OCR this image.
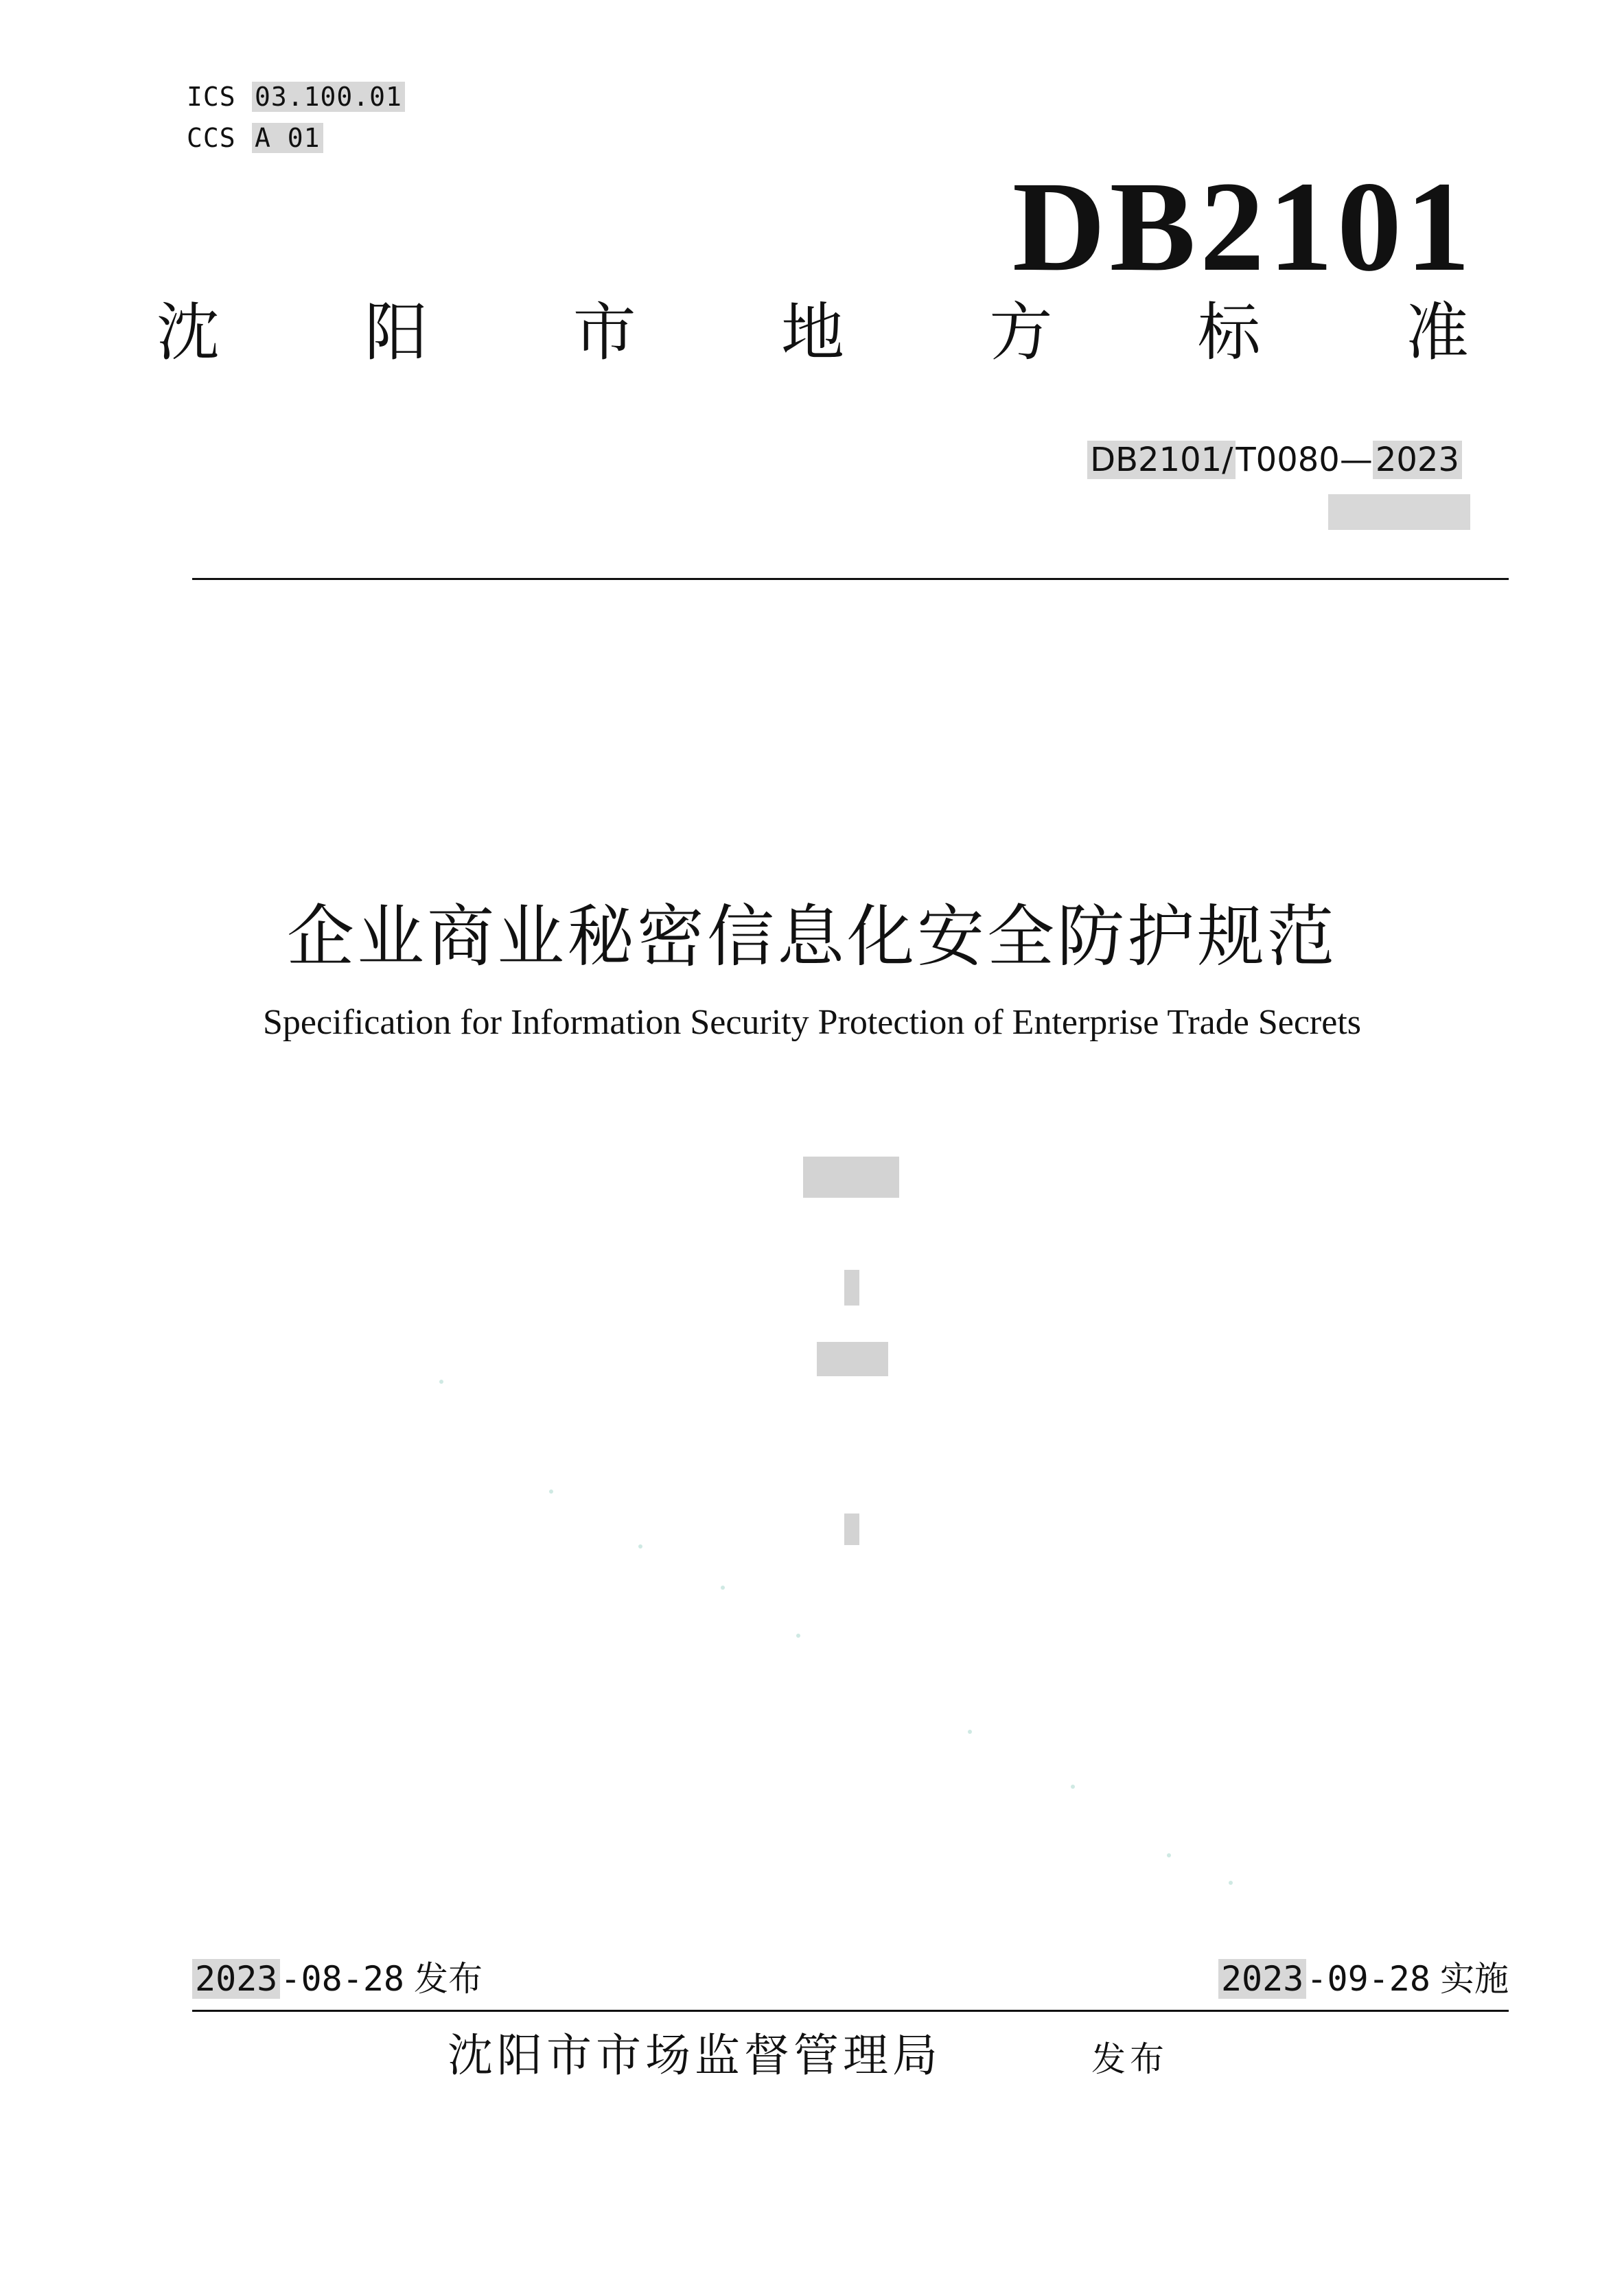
ICS 03.100.01
CCS A 01
DB2101
沈 阳 市 地 方 标 准
DB2101/T0080—2023
企业商业秘密信息化安全防护规范
Specification for Information Security Protection of Enterprise Trade Secrets
2023-08-28 发布	2023-09-28 实施
沈阳市市场监督管理局	发布
